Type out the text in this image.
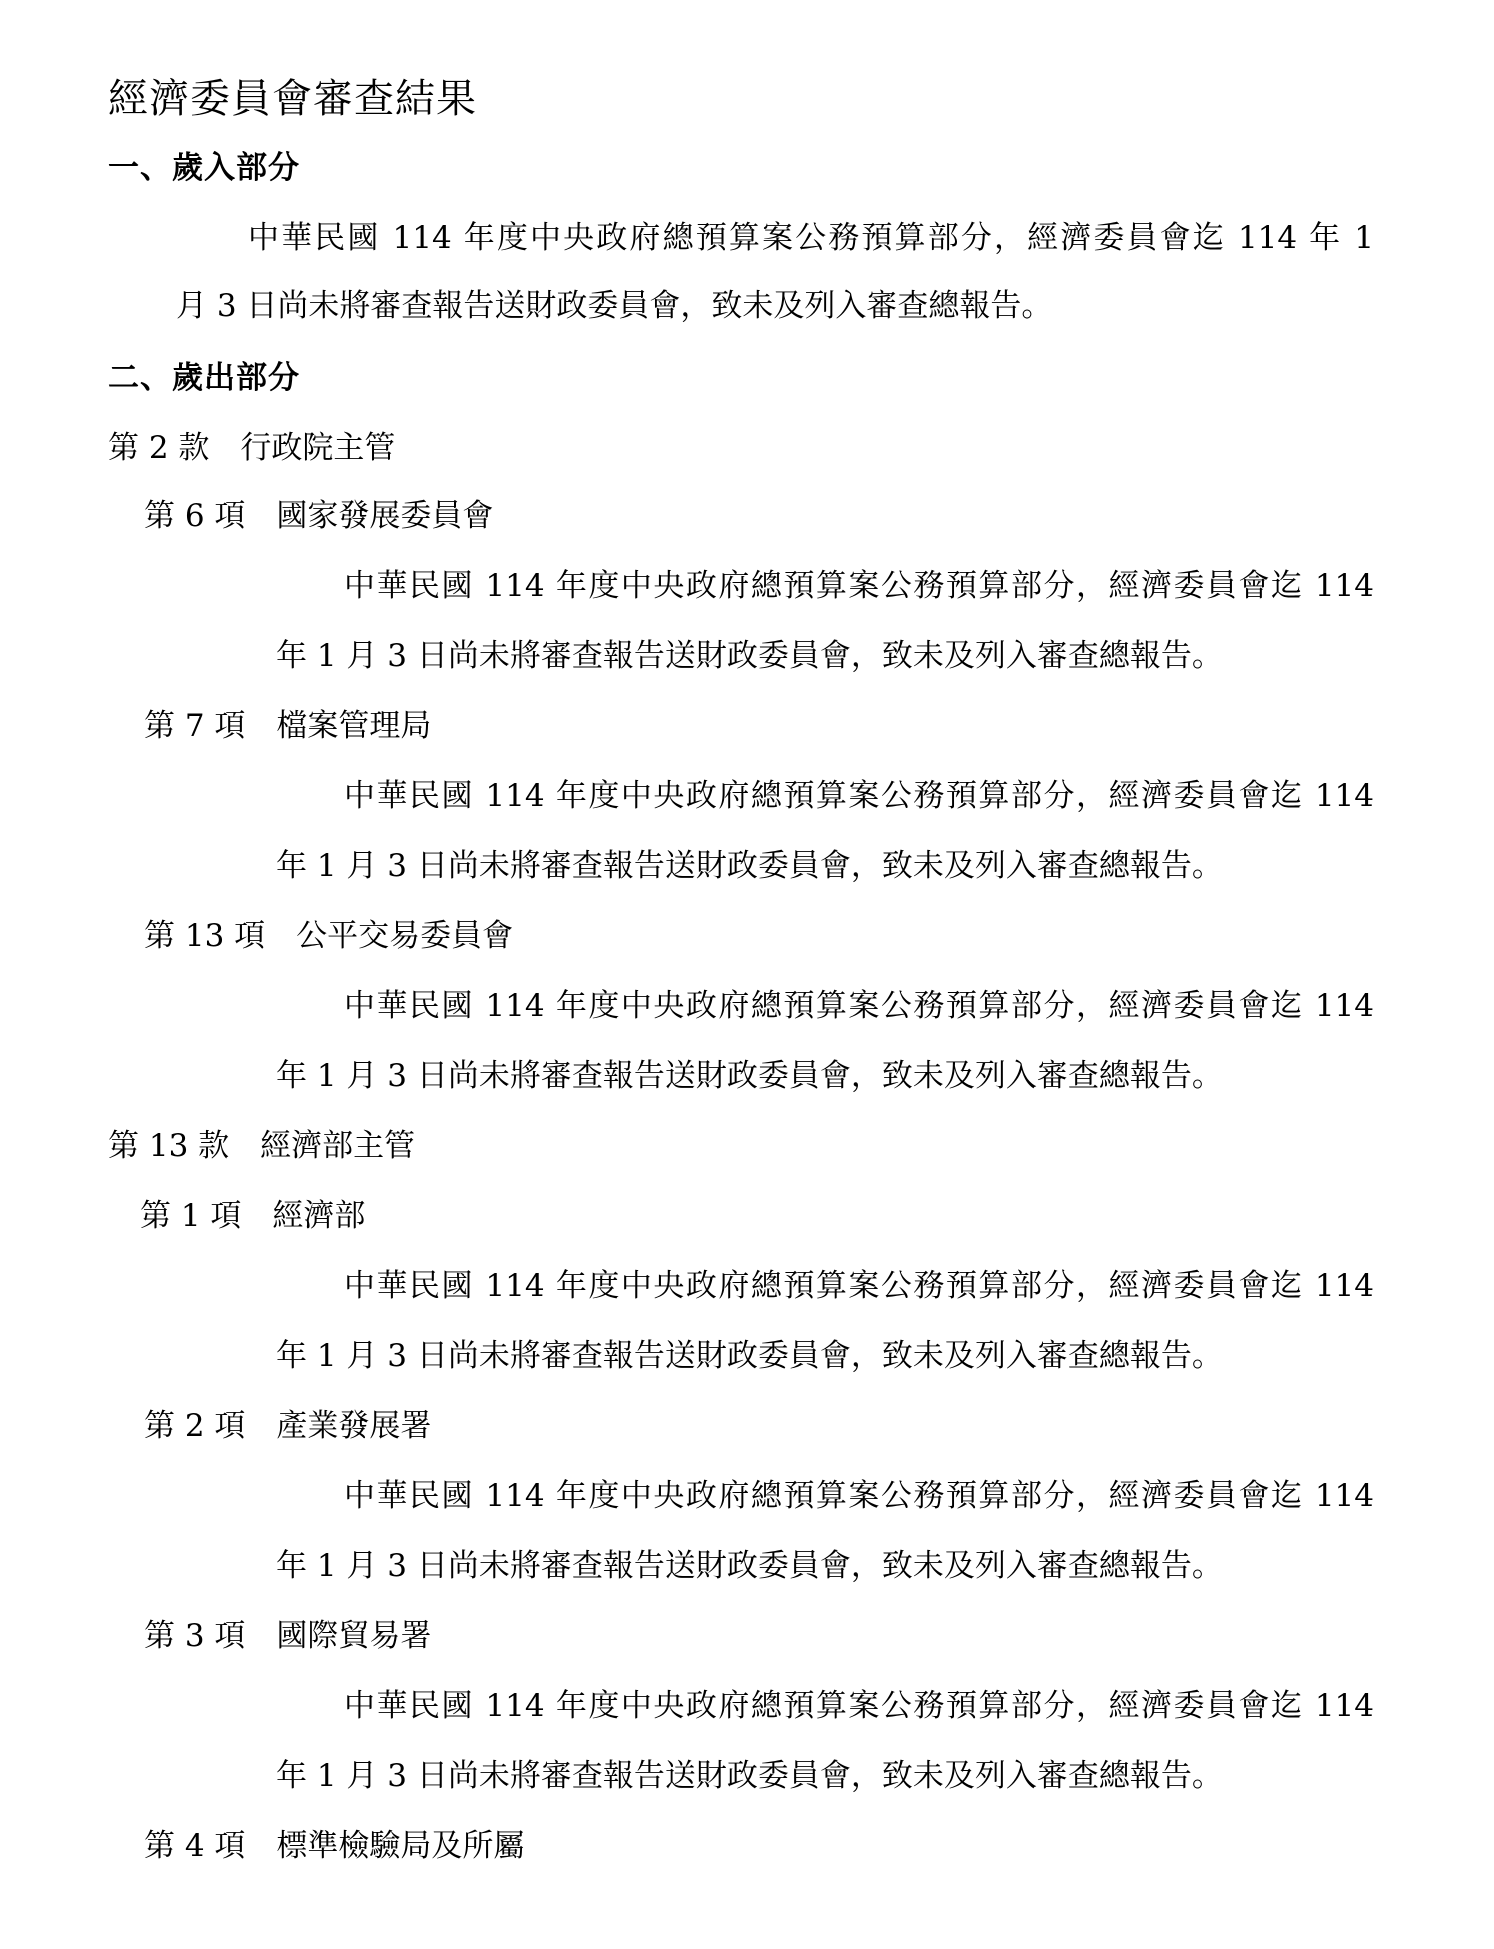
經濟委員會審查結果
一、歲入部分
中華民國 114 年度中央政府總預算案公務預算部分，經濟委員會迄 114 年 1
月 3 日尚未將審查報告送財政委員會，致未及列入審查總報告。
二、歲出部分
第 2 款　行政院主管
第 6 項　國家發展委員會
中華民國 114 年度中央政府總預算案公務預算部分，經濟委員會迄 114
年 1 月 3 日尚未將審查報告送財政委員會，致未及列入審查總報告。
第 7 項　檔案管理局
中華民國 114 年度中央政府總預算案公務預算部分，經濟委員會迄 114
年 1 月 3 日尚未將審查報告送財政委員會，致未及列入審查總報告。
第 13 項　公平交易委員會
中華民國 114 年度中央政府總預算案公務預算部分，經濟委員會迄 114
年 1 月 3 日尚未將審查報告送財政委員會，致未及列入審查總報告。
第 13 款　經濟部主管
第 1 項　經濟部
中華民國 114 年度中央政府總預算案公務預算部分，經濟委員會迄 114
年 1 月 3 日尚未將審查報告送財政委員會，致未及列入審查總報告。
第 2 項　產業發展署
中華民國 114 年度中央政府總預算案公務預算部分，經濟委員會迄 114
年 1 月 3 日尚未將審查報告送財政委員會，致未及列入審查總報告。
第 3 項　國際貿易署
中華民國 114 年度中央政府總預算案公務預算部分，經濟委員會迄 114
年 1 月 3 日尚未將審查報告送財政委員會，致未及列入審查總報告。
第 4 項　標準檢驗局及所屬
